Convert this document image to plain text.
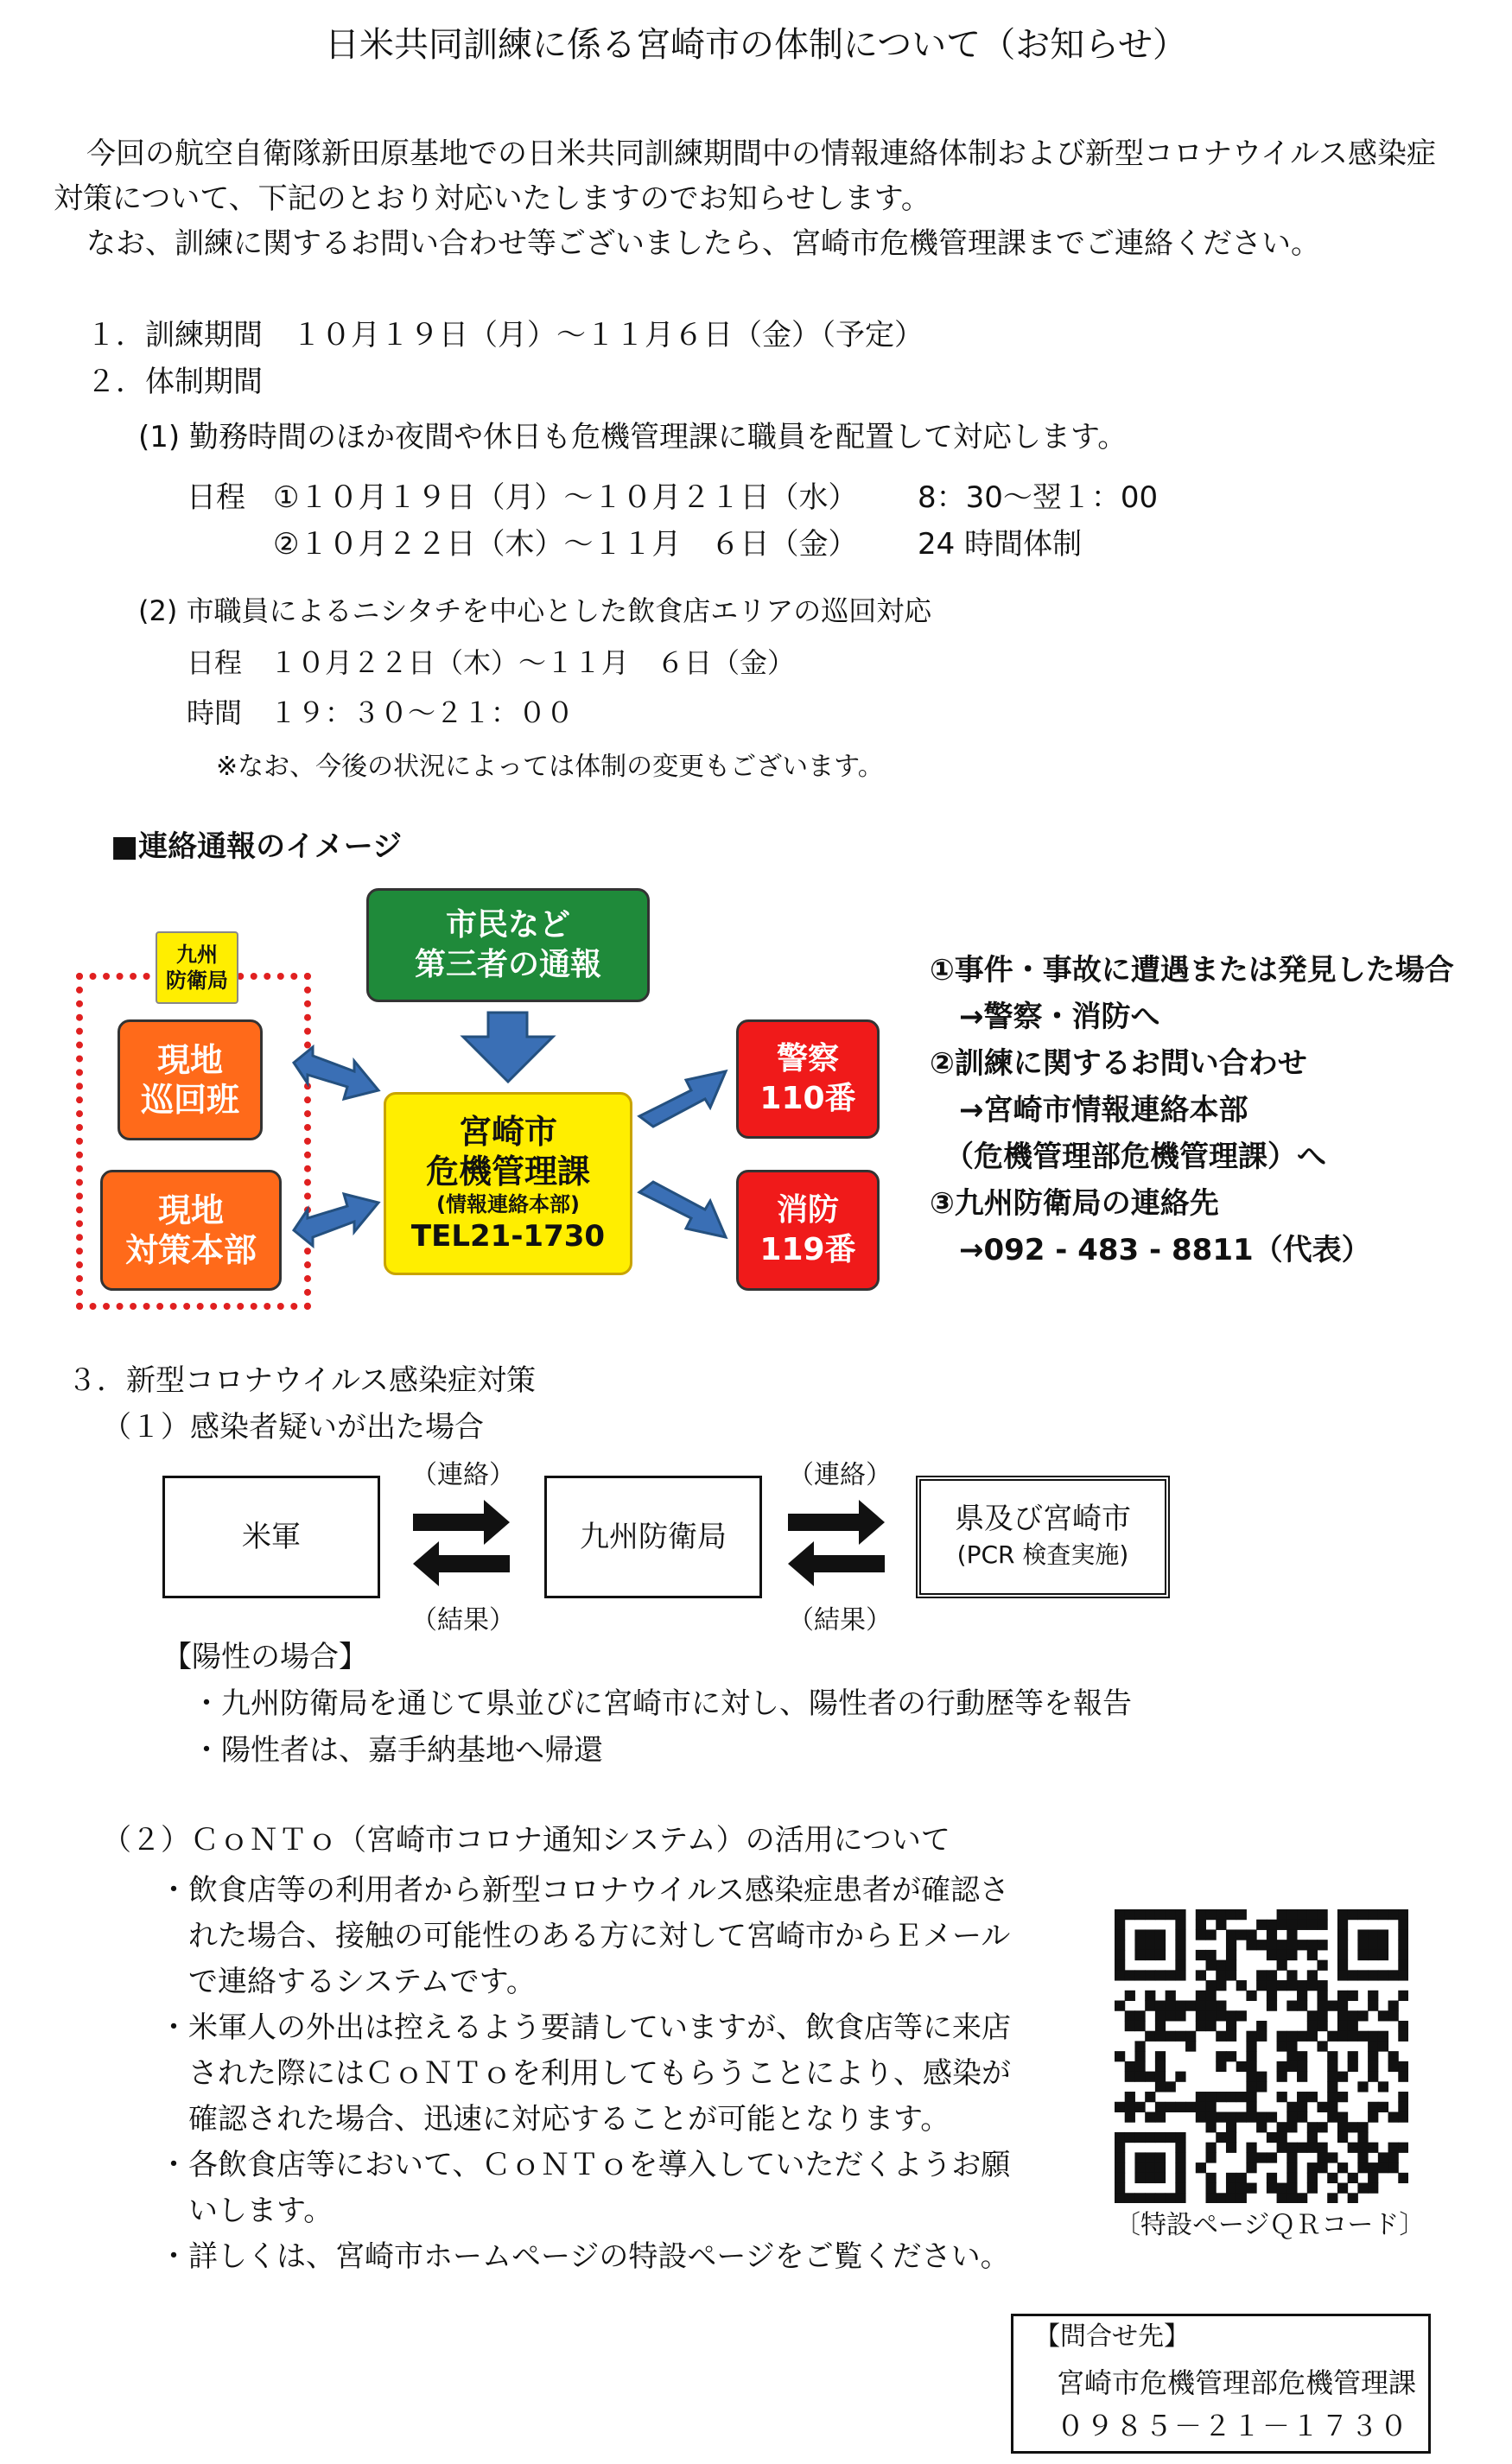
日米共同訓練に係る宮崎市の体制について（お知らせ）
今回の航空自衛隊新田原基地での日米共同訓練期間中の情報連絡体制および新型コロナウイルス感染症
対策について、下記のとおり対応いたしますのでお知らせします。
なお、訓練に関するお問い合わせ等ございましたら、宮崎市危機管理課までご連絡ください。
１．訓練期間　１０月１９日（月）～１１月６日（金）（予定）
２．体制期間
(1) 勤務時間のほか夜間や休日も危機管理課に職員を配置して対応します。
日程 ①１０月１９日（月）～１０月２１日（水） 8：30～翌１：00
②１０月２２日（木）～１１月　６日（金） 24 時間体制
(2) 市職員によるニシタチを中心とした飲食店エリアの巡回対応
日程　１０月２２日（木）～１１月　６日（金）
時間　１９：３０～２１：００
※なお、今後の状況によっては体制の変更もございます。
■連絡通報のイメージ
九州
防衛局
現地
巡回班
現地
対策本部
市民など
第三者の通報
宮崎市
危機管理課
(情報連絡本部)
TEL21-1730
警察
110番
消防
119番
①事件・事故に遭遇または発見した場合
　→警察・消防へ
②訓練に関するお問い合わせ
　→宮崎市情報連絡本部
　（危機管理部危機管理課）へ
③九州防衛局の連絡先
　→092 - 483 - 8811（代表）
３．新型コロナウイルス感染症対策
（１）感染者疑いが出た場合
米軍	九州防衛局
県及び宮崎市
(PCR 検査実施)
（連絡）
（結果）
（連絡）
（結果）
【陽性の場合】
・九州防衛局を通じて県並びに宮崎市に対し、陽性者の行動歴等を報告
・陽性者は、嘉手納基地へ帰還
（２）ＣｏＮＴｏ（宮崎市コロナ通知システム）の活用について
・飲食店等の利用者から新型コロナウイルス感染症患者が確認さ
　れた場合、接触の可能性のある方に対して宮崎市からＥメール
　で連絡するシステムです。
・米軍人の外出は控えるよう要請していますが、飲食店等に来店
　された際にはＣｏＮＴｏを利用してもらうことにより、感染が
　確認された場合、迅速に対応することが可能となります。
・各飲食店等において、ＣｏＮＴｏを導入していただくようお願
　いします。
・詳しくは、宮崎市ホームページの特設ページをご覧ください。
〔特設ページＱＲコード〕
【問合せ先】
宮崎市危機管理部危機管理課
０９８５－２１－１７３０
